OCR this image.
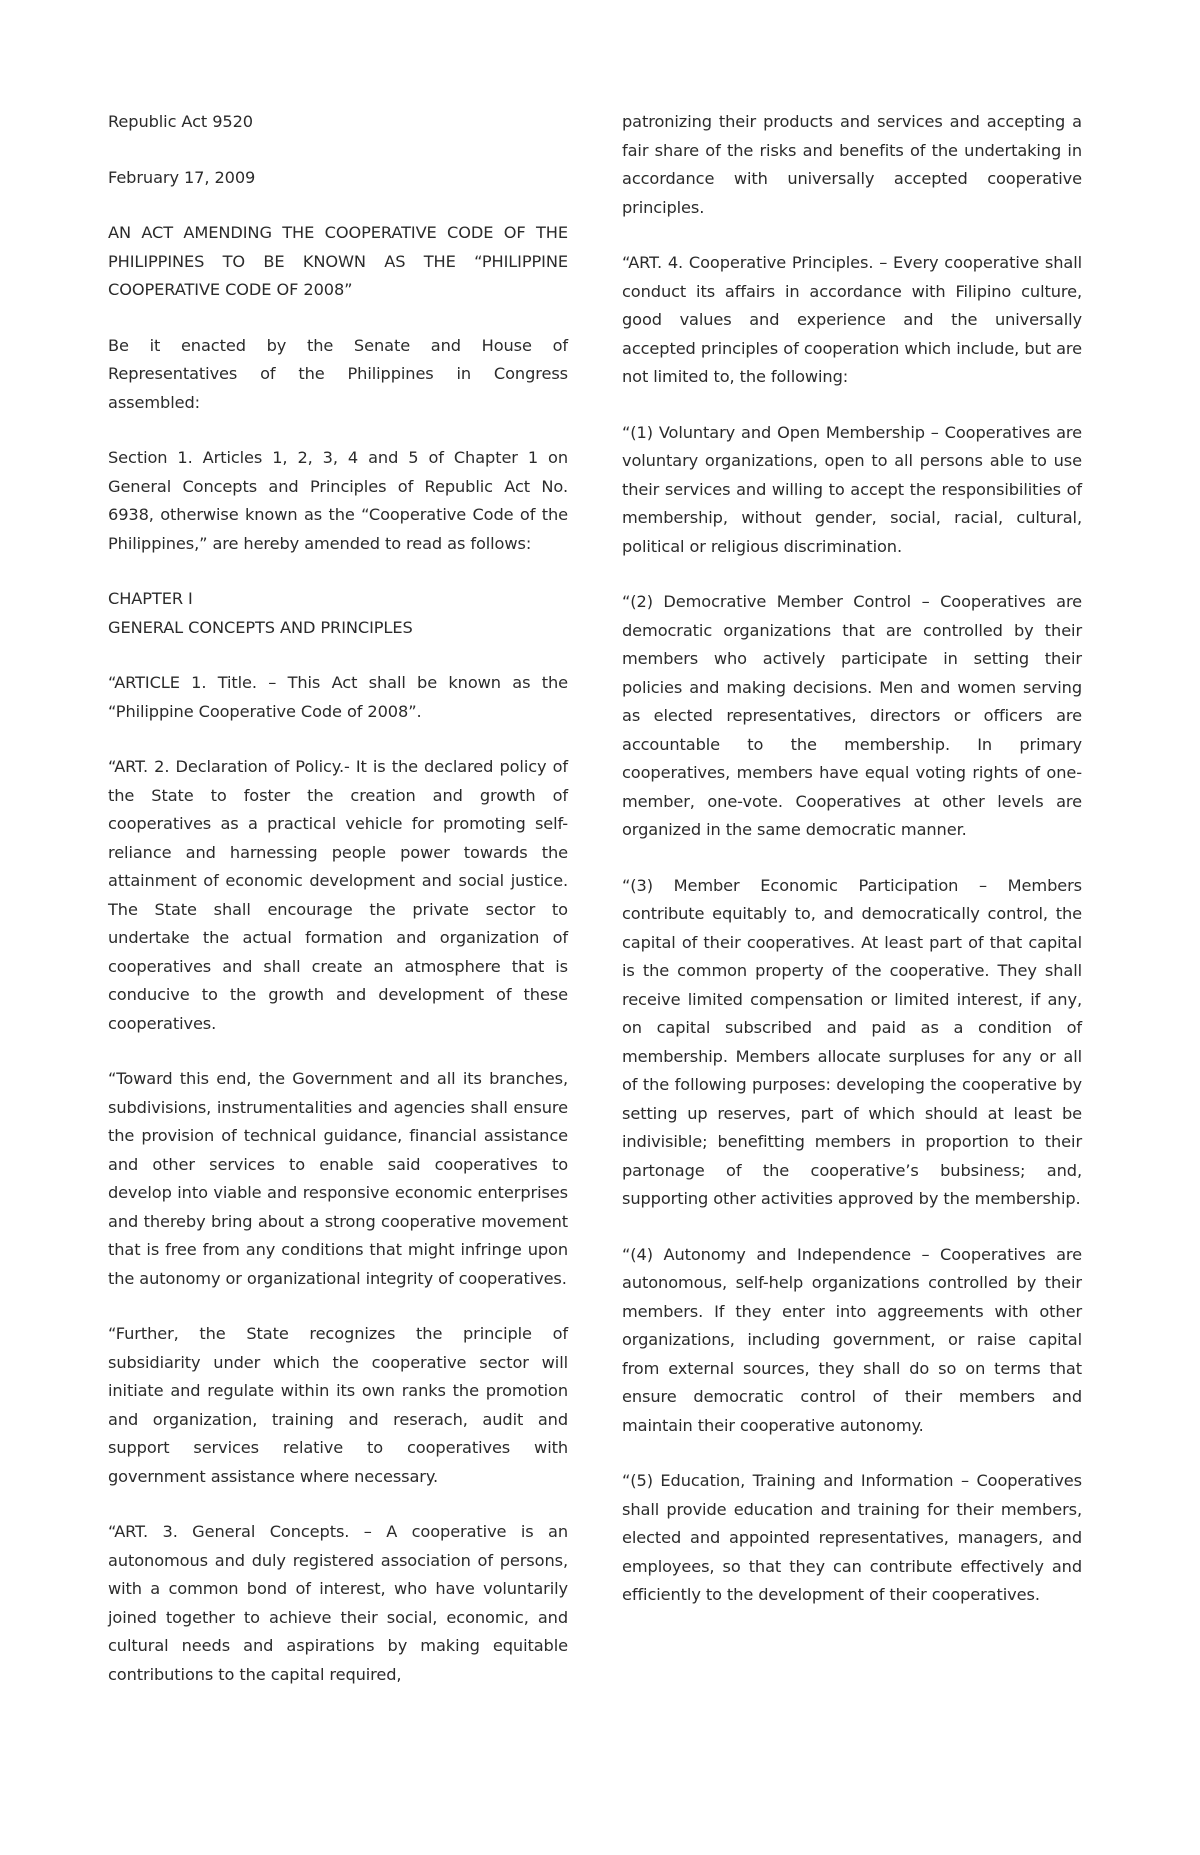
Republic Act 9520

February 17, 2009

AN ACT AMENDING THE COOPERATIVE CODE OF THE PHILIPPINES TO BE KNOWN AS THE “PHILIPPINE COOPERATIVE CODE OF 2008”

Be it enacted by the Senate and House of Representatives of the Philippines in Congress assembled:

Section 1. Articles 1, 2, 3, 4 and 5 of Chapter 1 on General Concepts and Principles of Republic Act No. 6938, otherwise known as the “Cooperative Code of the Philippines,” are hereby amended to read as follows:

CHAPTER I

GENERAL CONCEPTS AND PRINCIPLES

“ARTICLE 1. Title. – This Act shall be known as the “Philippine Cooperative Code of 2008”.

“ART. 2. Declaration of Policy.- It is the declared policy of the State to foster the creation and growth of cooperatives as a practical vehicle for promoting self-reliance and harnessing people power towards the attainment of economic development and social justice. The State shall encourage the private sector to undertake the actual formation and organization of cooperatives and shall create an atmosphere that is conducive to the growth and development of these cooperatives.

“Toward this end, the Government and all its branches, subdivisions, instrumentalities and agencies shall ensure the provision of technical guidance, financial assistance and other services to enable said cooperatives to develop into viable and responsive economic enterprises and thereby bring about a strong cooperative movement that is free from any conditions that might infringe upon the autonomy or organizational integrity of cooperatives.

“Further, the State recognizes the principle of subsidiarity under which the cooperative sector will initiate and regulate within its own ranks the promotion and organization, training and reserach, audit and support services relative to cooperatives with government assistance where necessary.

“ART. 3. General Concepts. – A cooperative is an autonomous and duly registered association of persons, with a common bond of interest, who have voluntarily joined together to achieve their social, economic, and cultural needs and aspirations by making equitable contributions to the capital required,

patronizing their products and services and accepting a fair share of the risks and benefits of the undertaking in accordance with universally accepted cooperative principles.

“ART. 4. Cooperative Principles. – Every cooperative shall conduct its affairs in accordance with Filipino culture, good values and experience and the universally accepted principles of cooperation which include, but are not limited to, the following:

“(1) Voluntary and Open Membership – Cooperatives are voluntary organizations, open to all persons able to use their services and willing to accept the responsibilities of membership, without gender, social, racial, cultural, political or religious discrimination.

“(2) Democrative Member Control – Cooperatives are democratic organizations that are controlled by their members who actively participate in setting their policies and making decisions. Men and women serving as elected representatives, directors or officers are accountable to the membership. In primary cooperatives, members have equal voting rights of one-member, one-vote. Cooperatives at other levels are organized in the same democratic manner.

“(3) Member Economic Participation – Members contribute equitably to, and democratically control, the capital of their cooperatives. At least part of that capital is the common property of the cooperative. They shall receive limited compensation or limited interest, if any, on capital subscribed and paid as a condition of membership. Members allocate surpluses for any or all of the following purposes: developing the cooperative by setting up reserves, part of which should at least be indivisible; benefitting members in proportion to their partonage of the cooperative’s bubsiness; and, supporting other activities approved by the membership.

“(4) Autonomy and Independence – Cooperatives are autonomous, self-help organizations controlled by their members. If they enter into aggreements with other organizations, including government, or raise capital from external sources, they shall do so on terms that ensure democratic control of their members and maintain their cooperative autonomy.

“(5) Education, Training and Information – Cooperatives shall provide education and training for their members, elected and appointed representatives, managers, and employees, so that they can contribute effectively and efficiently to the development of their cooperatives.
